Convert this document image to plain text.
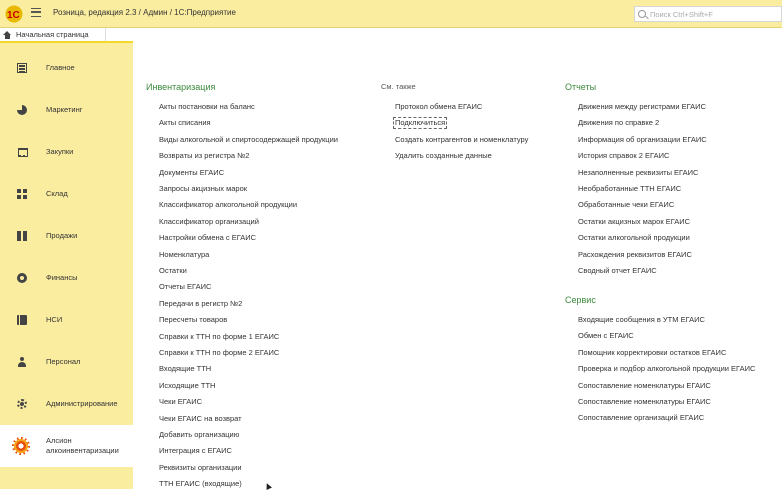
1С	Розница, редакция 2.3 / Админ / 1С:Предприятие
Поиск Ctrl+Shift+F
Начальная страница
Главное
Маркетинг
Закупки
Склад
Продажи
Финансы
НСИ
Персонал
Администрирование
Алсион алкоинвентаризации
Инвентаризация	См. также	Отчеты
Сервис
Акты постановки на баланс
Акты списания
Виды алкогольной и спиртосодержащей продукции
Возвраты из регистра №2
Документы ЕГАИС
Запросы акцизных марок
Классификатор алкогольной продукции
Классификатор организаций
Настройки обмена с ЕГАИС
Номенклатура
Остатки
Отчеты ЕГАИС
Передачи в регистр №2
Пересчеты товаров
Справки к ТТН по форме 1 ЕГАИС
Справки к ТТН по форме 2 ЕГАИС
Входящие ТТН
Исходящие ТТН
Чеки ЕГАИС
Чеки ЕГАИС на возврат
Добавить организацию
Интеграция с ЕГАИС
Реквизиты организации
ТТН ЕГАИС (входящие)
Протокол обмена ЕГАИС
Подключиться
Создать контрагентов и номенклатуру
Удалить созданные данные
Движения между регистрами ЕГАИС
Движения по справке 2
Информация об организации ЕГАИС
История справок 2 ЕГАИС
Незаполненные реквизиты ЕГАИС
Необработанные ТТН ЕГАИС
Обработанные чеки ЕГАИС
Остатки акцизных марок ЕГАИС
Остатки алкогольной продукции
Расхождения реквизитов ЕГАИС
Сводный отчет ЕГАИС
Входящие сообщения в УТМ ЕГАИС
Обмен с ЕГАИС
Помощник корректировки остатков ЕГАИС
Проверка и подбор алкогольной продукции ЕГАИС
Сопоставление номенклатуры ЕГАИС
Сопоставление номенклатуры ЕГАИС
Сопоставление организаций ЕГАИС
